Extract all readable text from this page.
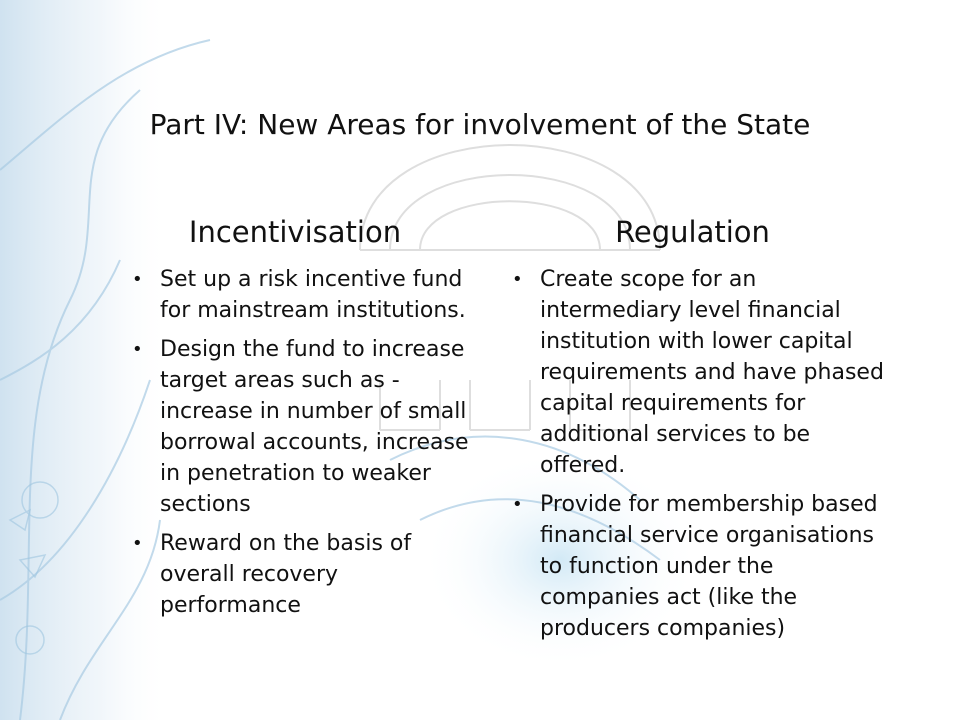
Part IV: New Areas for involvement of the State
Incentivisation
• Set up a risk incentive fund for mainstream institutions.
• Design the fund to increase target areas such as - increase in number of small borrowal accounts, increase in penetration to weaker sections
• Reward on the basis of overall recovery performance
Regulation
• Create scope for an intermediary level financial institution with lower capital requirements and have phased capital requirements for additional services to be offered.
• Provide for membership based financial service organisations to function under the companies act (like the producers companies)
